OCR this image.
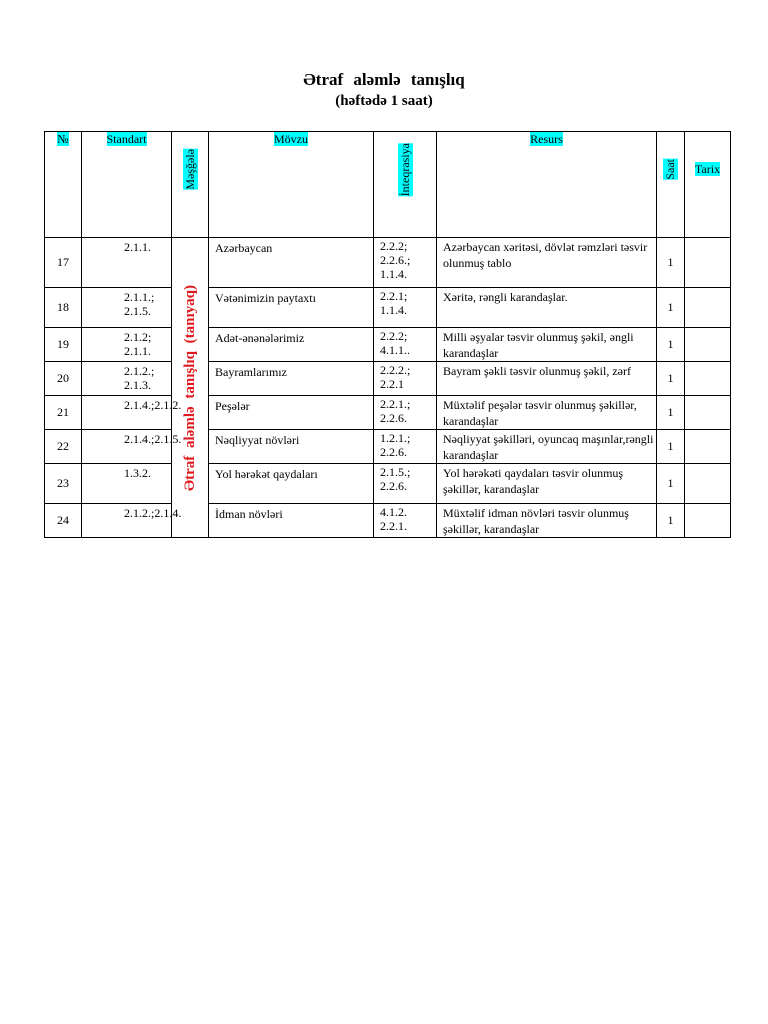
Ətraf aləmlə tanışlıq
(həftədə 1 saat)
№	Standart	Məşğələ	Mövzu	İnteqrasiya	Resurs	Saat	Tarix
17	2.1.1.	Ətraf aləmlə tanışlıq (tanıyaq)	Azərbaycan	2.2.2;
2.2.6.;
1.1.4.	Azərbaycan xəritəsi, dövlət rəmzləri təsvir olunmuş tablo	1	
18	2.1.1.;
2.1.5.		Vətənimizin paytaxtı	2.2.1;
1.1.4.	Xəritə, rəngli karandaşlar.	1	
19	2.1.2;
2.1.1.		Adət-ənənələrimiz	2.2.2;
4.1.1..	Milli əşyalar təsvir olunmuş şəkil, əngli karandaşlar	1	
20	2.1.2.;
2.1.3.		Bayramlarımız	2.2.2.;
2.2.1	Bayram şəkli təsvir olunmuş şəkil, zərf	1	
21	2.1.4.;2.1.2.		Peşələr	2.2.1.;
2.2.6.	Müxtəlif peşələr təsvir olunmuş şəkillər, karandaşlar	1	
22	2.1.4.;2.1.5.		Nəqliyyat növləri	1.2.1.;
2.2.6.	Nəqliyyat şəkilləri, oyuncaq maşınlar,rəngli karandaşlar	1	
23	1.3.2.		Yol hərəkət qaydaları	2.1.5.;
2.2.6.	Yol hərəkəti qaydaları təsvir olunmuş şəkillər, karandaşlar	1	
24	2.1.2.;2.1.4.		İdman növləri	4.1.2.
2.2.1.	Müxtəlif idman növləri təsvir olunmuş şəkillər, karandaşlar	1	
